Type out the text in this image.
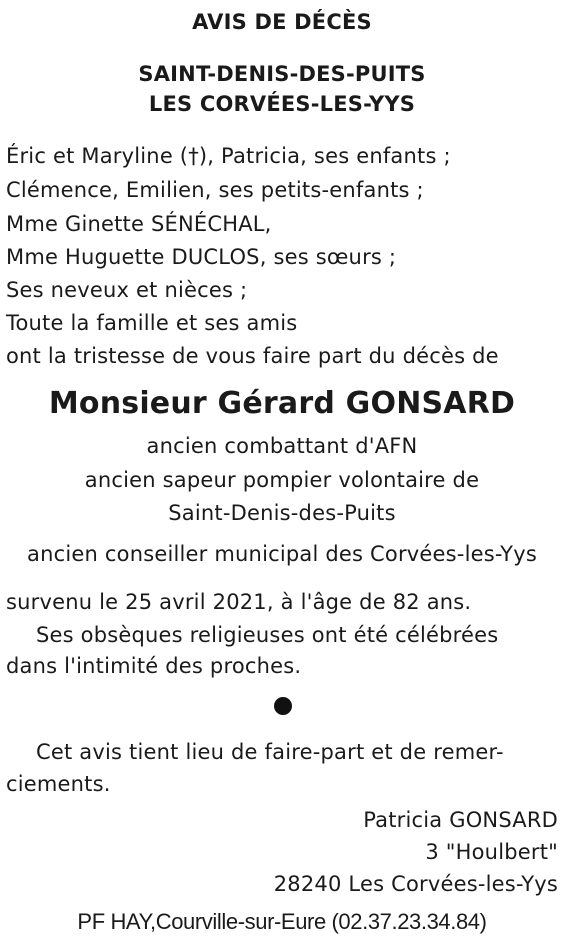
AVIS DE DÉCÈS
SAINT-DENIS-DES-PUITS
LES CORVÉES-LES-YYS
Éric et Maryline (†), Patricia, ses enfants ;
Clémence, Emilien, ses petits-enfants ;
Mme Ginette SÉNÉCHAL,
Mme Huguette DUCLOS, ses sœurs ;
Ses neveux et nièces ;
Toute la famille et ses amis
ont la tristesse de vous faire part du décès de
Monsieur Gérard GONSARD
ancien combattant d'AFN
ancien sapeur pompier volontaire de
Saint-Denis-des-Puits
ancien conseiller municipal des Corvées-les-Yys
survenu le 25 avril 2021, à l'âge de 82 ans.
Ses obsèques religieuses ont été célébrées
dans l'intimité des proches.
Cet avis tient lieu de faire-part et de remer-
ciements.
Patricia GONSARD
3 "Houlbert"
28240 Les Corvées-les-Yys
PF HAY,Courville-sur-Eure (02.37.23.34.84)
